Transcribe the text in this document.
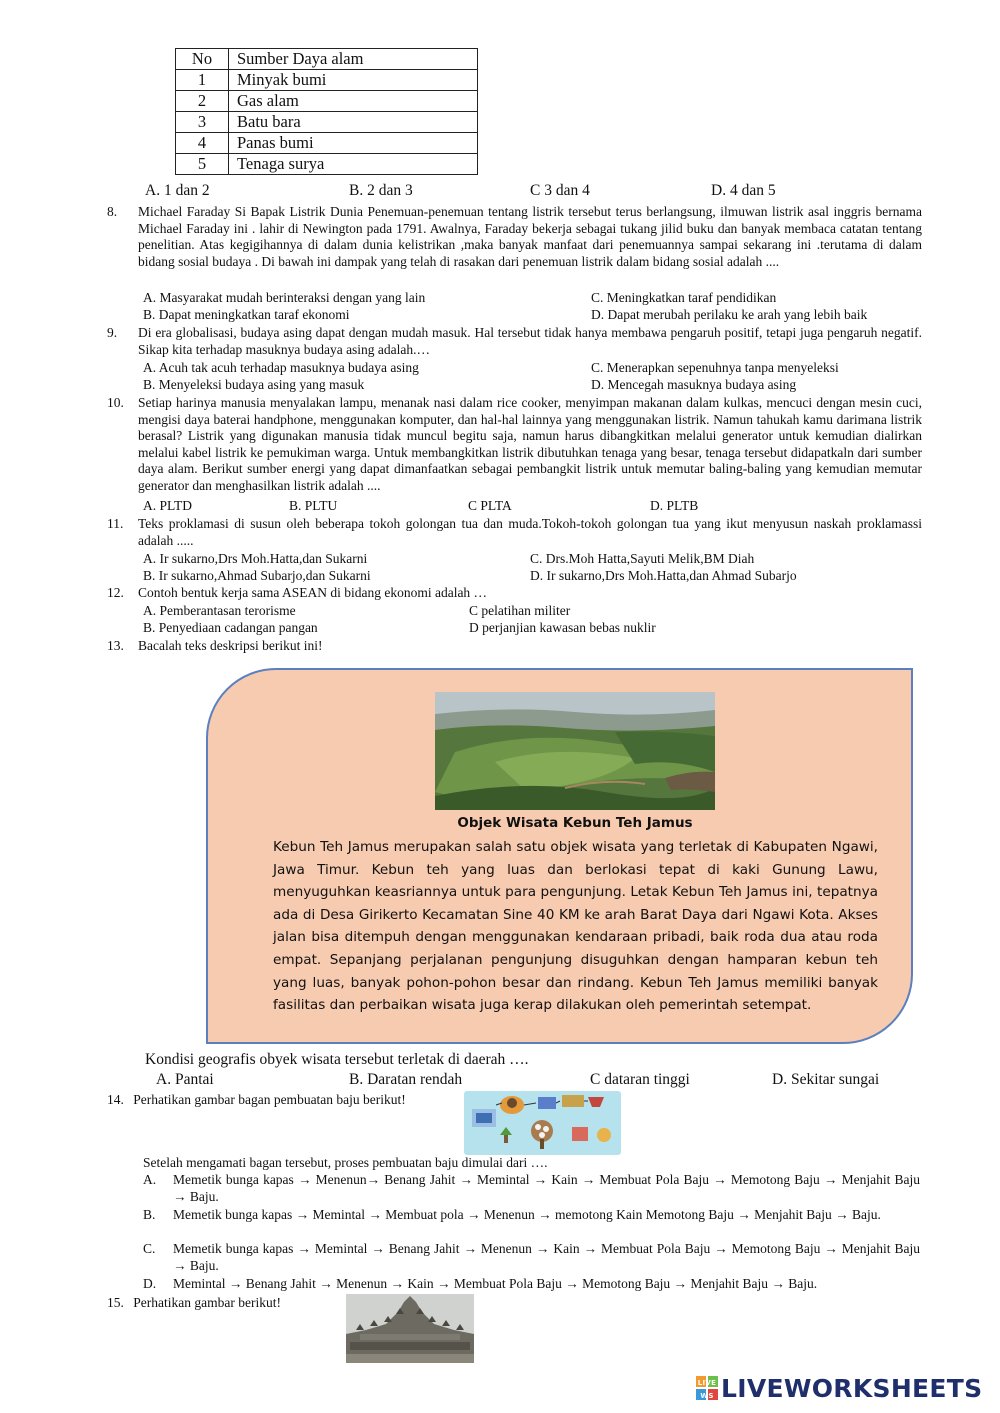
No	Sumber Daya alam
1	Minyak bumi
2	Gas alam
3	Batu bara
4	Panas bumi
5	Tenaga surya
A. 1 dan 2	B. 2 dan 3	C 3 dan 4	D. 4 dan 5
8. Michael Faraday Si Bapak Listrik Dunia Penemuan-penemuan tentang listrik tersebut terus berlangsung, ilmuwan listrik asal inggris bernama Michael Faraday ini . lahir di Newington pada 1791. Awalnya, Faraday bekerja sebagai tukang jilid buku dan banyak membaca catatan tentang penelitian. Atas kegigihannya di dalam dunia kelistrikan ,maka banyak manfaat dari penemuannya sampai sekarang ini .terutama di dalam bidang sosial budaya . Di bawah ini dampak yang telah di rasakan dari penemuan listrik dalam bidang sosial adalah ....
A. Masyarakat mudah berinteraksi dengan yang lain
B. Dapat meningkatkan taraf ekonomi
C. Meningkatkan taraf pendidikan
D. Dapat merubah perilaku ke arah yang lebih baik
9. Di era globalisasi, budaya asing dapat dengan mudah masuk. Hal tersebut tidak hanya membawa pengaruh positif, tetapi juga pengaruh negatif. Sikap kita terhadap masuknya budaya asing adalah.…
A. Acuh tak acuh terhadap masuknya budaya asing
B. Menyeleksi budaya asing yang masuk
C. Menerapkan sepenuhnya tanpa menyeleksi
D. Mencegah masuknya budaya asing
10. Setiap harinya manusia menyalakan lampu, menanak nasi dalam rice cooker, menyimpan makanan dalam kulkas, mencuci dengan mesin cuci, mengisi daya baterai handphone, menggunakan komputer, dan hal-hal lainnya yang menggunakan listrik. Namun tahukah kamu darimana listrik berasal? Listrik yang digunakan manusia tidak muncul begitu saja, namun harus dibangkitkan melalui generator untuk kemudian dialirkan melalui kabel listrik ke pemukiman warga. Untuk membangkitkan listrik dibutuhkan tenaga yang besar, tenaga tersebut didapatkaln dari sumber daya alam. Berikut sumber energi yang dapat dimanfaatkan sebagai pembangkit listrik untuk memutar baling-baling yang kemudian memutar generator dan menghasilkan listrik adalah ....
A. PLTD	B. PLTU	C PLTA	D. PLTB
11. Teks proklamasi di susun oleh beberapa tokoh golongan tua dan muda.Tokoh-tokoh golongan tua yang ikut menyusun naskah proklamassi adalah .....
A. Ir sukarno,Drs Moh.Hatta,dan Sukarni
B. Ir sukarno,Ahmad Subarjo,dan Sukarni
C. Drs.Moh Hatta,Sayuti Melik,BM Diah
D. Ir sukarno,Drs Moh.Hatta,dan Ahmad Subarjo
12. Contoh bentuk kerja sama ASEAN di bidang ekonomi adalah …
A. Pemberantasan terorisme
B. Penyediaan cadangan pangan
C pelatihan militer
D perjanjian kawasan bebas nuklir
13. Bacalah teks deskripsi berikut ini!
Objek Wisata Kebun Teh Jamus
Kebun Teh Jamus merupakan salah satu objek wisata yang terletak di Kabupaten Ngawi, Jawa Timur. Kebun teh yang luas dan berlokasi tepat di kaki Gunung Lawu, menyuguhkan keasriannya untuk para pengunjung. Letak Kebun Teh Jamus ini, tepatnya ada di Desa Girikerto Kecamatan Sine 40 KM ke arah Barat Daya dari Ngawi Kota. Akses jalan bisa ditempuh dengan menggunakan kendaraan pribadi, baik roda dua atau roda empat. Sepanjang perjalanan pengunjung disuguhkan dengan hamparan kebun teh yang luas, banyak pohon-pohon besar dan rindang. Kebun Teh Jamus memiliki banyak fasilitas dan perbaikan wisata juga kerap dilakukan oleh pemerintah setempat.
Kondisi geografis obyek wisata tersebut terletak di daerah ….
A. Pantai	B. Daratan rendah	C dataran tinggi	D. Sekitar sungai
14. Perhatikan gambar bagan pembuatan baju berikut!
Setelah mengamati bagan tersebut, proses pembuatan baju dimulai dari ….
A. Memetik bunga kapas → Menenun→ Benang Jahit → Memintal → Kain → Membuat Pola Baju → Memotong Baju → Menjahit Baju → Baju.
B. Memetik bunga kapas → Memintal → Membuat pola → Menenun → memotong Kain Memotong Baju → Menjahit Baju → Baju.
C. Memetik bunga kapas → Memintal → Benang Jahit → Menenun → Kain → Membuat Pola Baju → Memotong Baju → Menjahit Baju → Baju.
D. Memintal → Benang Jahit → Menenun → Kain → Membuat Pola Baju → Memotong Baju → Menjahit Baju → Baju.
15. Perhatikan gambar berikut!
LIVE
WS LIVEWORKSHEETS
